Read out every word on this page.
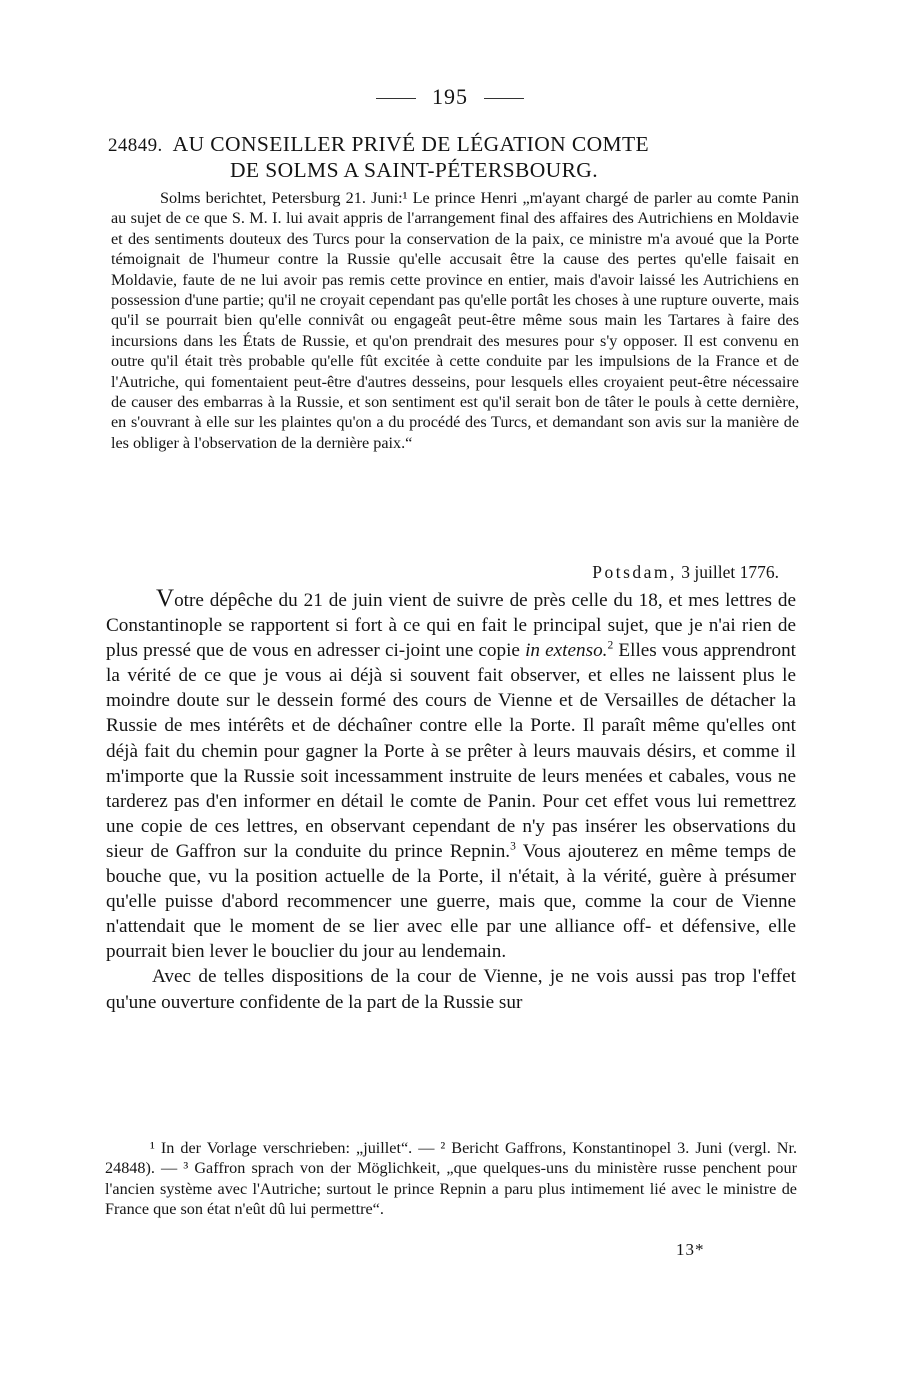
195
24849. AU CONSEILLER PRIVÉ DE LÉGATION COMTE
DE SOLMS A SAINT-PÉTERSBOURG.
Solms berichtet, Petersburg 21. Juni:¹ Le prince Henri „m'ayant chargé de parler au comte Panin au sujet de ce que S. M. I. lui avait appris de l'arrangement final des affaires des Autrichiens en Moldavie et des sentiments douteux des Turcs pour la conservation de la paix, ce ministre m'a avoué que la Porte témoignait de l'humeur contre la Russie qu'elle accusait être la cause des pertes qu'elle faisait en Moldavie, faute de ne lui avoir pas remis cette province en entier, mais d'avoir laissé les Autrichiens en possession d'une partie; qu'il ne croyait cependant pas qu'elle portât les choses à une rupture ouverte, mais qu'il se pourrait bien qu'elle connivât ou engageât peut-être même sous main les Tartares à faire des incursions dans les États de Russie, et qu'on prendrait des mesures pour s'y opposer. Il est convenu en outre qu'il était très probable qu'elle fût excitée à cette conduite par les impulsions de la France et de l'Autriche, qui fomentaient peut-être d'autres desseins, pour lesquels elles croyaient peut-être nécessaire de causer des embarras à la Russie, et son sentiment est qu'il serait bon de tâter le pouls à cette dernière, en s'ouvrant à elle sur les plaintes qu'on a du procédé des Turcs, et demandant son avis sur la manière de les obliger à l'observation de la dernière paix.“
Potsdam, 3 juillet 1776.

Votre dépêche du 21 de juin vient de suivre de près celle du 18, et mes lettres de Constantinople se rapportent si fort à ce qui en fait le principal sujet, que je n'ai rien de plus pressé que de vous en adresser ci-joint une copie in extenso.$^2$ Elles vous apprendront la vérité de ce que je vous ai déjà si souvent fait observer, et elles ne laissent plus le moindre doute sur le dessein formé des cours de Vienne et de Versailles de détacher la Russie de mes intérêts et de déchaîner contre elle la Porte. Il paraît même qu'elles ont déjà fait du chemin pour gagner la Porte à se prêter à leurs mauvais désirs, et comme il m'importe que la Russie soit incessamment instruite de leurs menées et cabales, vous ne tarderez pas d'en informer en détail le comte de Panin. Pour cet effet vous lui remettrez une copie de ces lettres, en observant cependant de n'y pas insérer les observations du sieur de Gaffron sur la conduite du prince Repnin.$^3$ Vous ajouterez en même temps de bouche que, vu la position actuelle de la Porte, il n'était, à la vérité, guère à présumer qu'elle puisse d'abord recommencer une guerre, mais que, comme la cour de Vienne n'attendait que le moment de se lier avec elle par une alliance off- et défensive, elle pourrait bien lever le bouclier du jour au lendemain.

Avec de telles dispositions de la cour de Vienne, je ne vois aussi pas trop l'effet qu'une ouverture confidente de la part de la Russie sur

¹ In der Vorlage verschrieben: „juillet“. — ² Bericht Gaffrons, Konstantinopel 3. Juni (vergl. Nr. 24848). — ³ Gaffron sprach von der Möglichkeit, „que quelques-uns du ministère russe penchent pour l'ancien système avec l'Autriche; surtout le prince Repnin a paru plus intimement lié avec le ministre de France que son état n'eût dû lui permettre“.
13*
